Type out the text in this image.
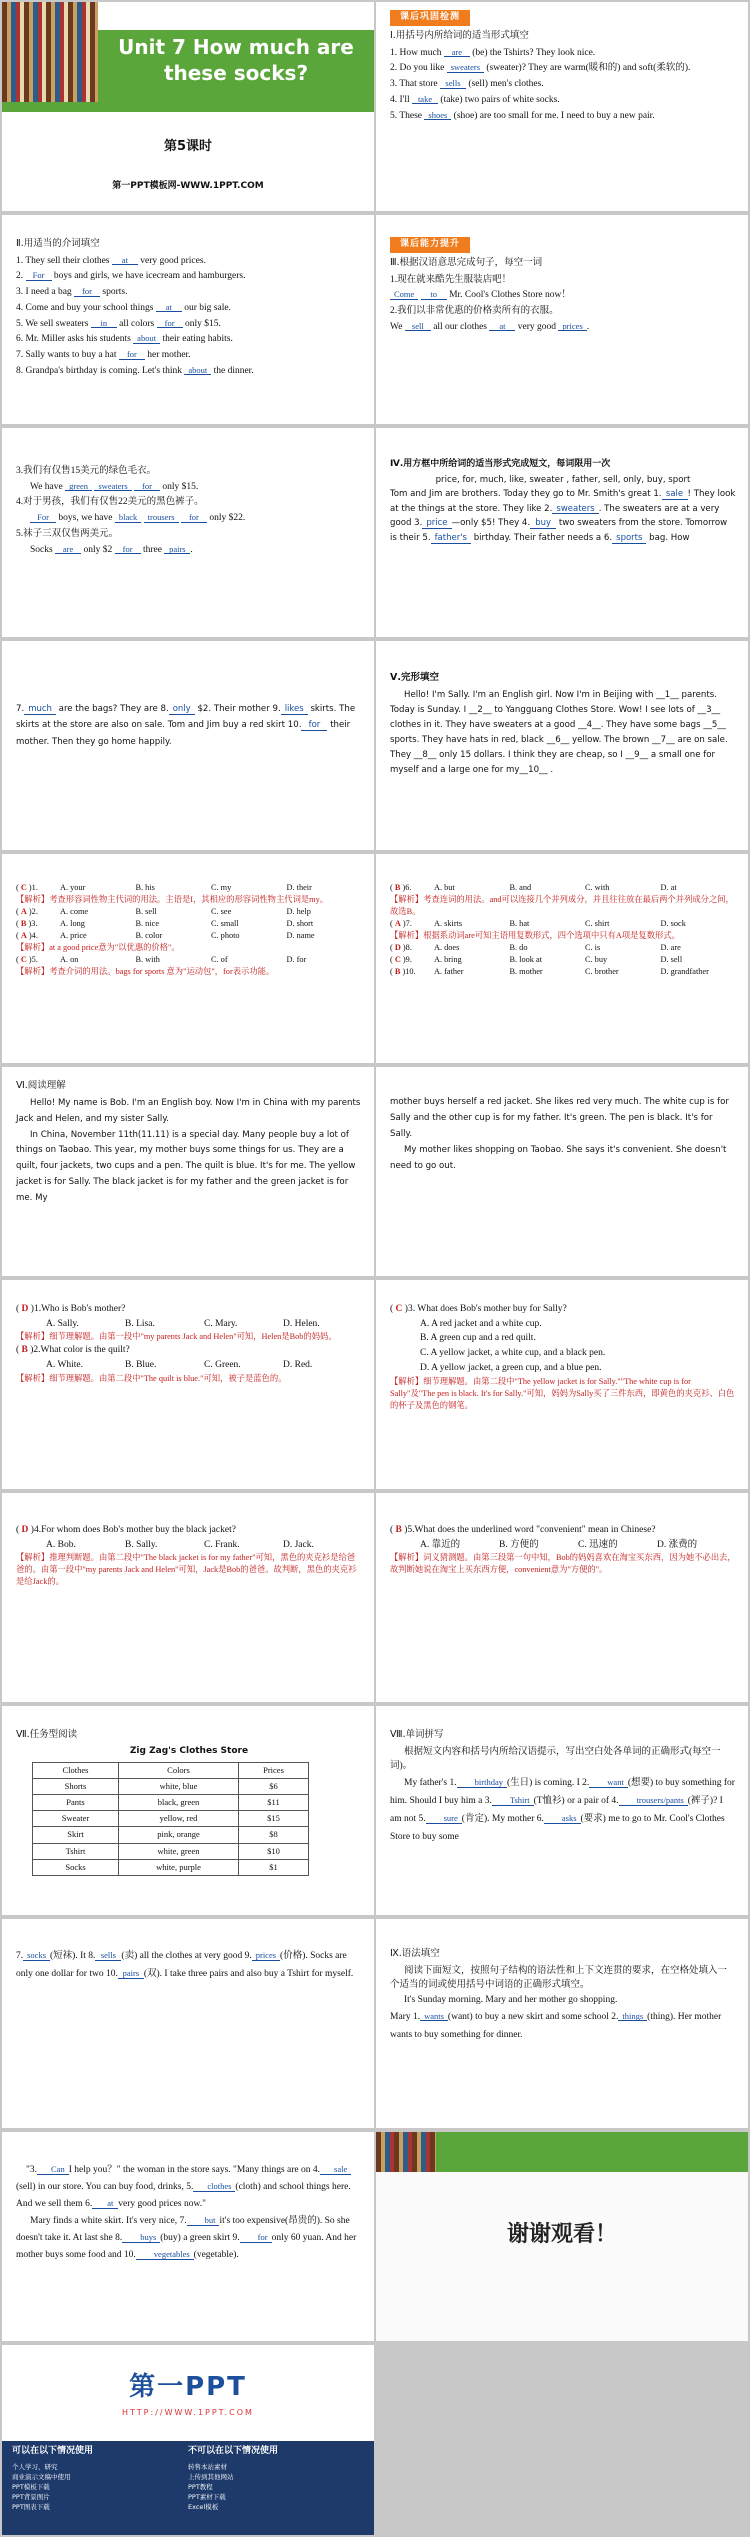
Unit 7 How much are these socks?
第5课时
第一PPT模板网-WWW.1PPT.COM
课后巩固检测
Ⅰ.用括号内所给词的适当形式填空
1. How much are (be) the Tshirts? They look nice.
2. Do you like sweaters (sweater)? They are warm(暖和的) and soft(柔软的).
3. That store sells (sell) men's clothes.
4. I'll take (take) two pairs of white socks.
5. These shoes (shoe) are too small for me. I need to buy a new pair.
Ⅱ.用适当的介词填空
1. They sell their clothes at very good prices.
2. For boys and girls, we have icecream and hamburgers.
3. I need a bag for sports.
4. Come and buy your school things at our big sale.
5. We sell sweaters in all colors for only $15.
6. Mr. Miller asks his students about their eating habits.
7. Sally wants to buy a hat for her mother.
8. Grandpa's birthday is coming. Let's think about the dinner.
课后能力提升
Ⅲ.根据汉语意思完成句子，每空一词
1.现在就来酷先生服装店吧！
Come to Mr. Cool's Clothes Store now！
2.我们以非常优惠的价格卖所有的衣服。
We sell all our clothes at very good prices .
3.我们有仅售15美元的绿色毛衣。
We have green sweaters for only $15.
4.对于男孩，我们有仅售22美元的黑色裤子。
For boys, we have black trousers for only $22.
5.袜子三双仅售两美元。
Socks are only $2 for three pairs .
Ⅳ.用方框中所给词的适当形式完成短文，每词限用一次
price, for, much, like, sweater , father, sell, only, buy, sport
Tom and Jim are brothers. Today they go to Mr. Smith's great 1. sale ! They look at the things at the store. They like 2. sweaters . The sweaters are at a very good 3. price —only $5! They 4. buy two sweaters from the store. Tomorrow is their 5. father's birthday. Their father needs a 6. sports bag. How
7. much are the bags? They are 8. only $2. Their mother 9. likes skirts. The skirts at the store are also on sale. Tom and Jim buy a red skirt 10. for their mother. Then they go home happily.
Ⅴ.完形填空
Hello! I'm Sally. I'm an English girl. Now I'm in Beijing with __1__ parents. Today is Sunday. I __2__ to Yangguang Clothes Store. Wow! I see lots of __3__ clothes in it. They have sweaters at a good __4__. They have some bags __5__ sports. They have hats in red, black __6__ yellow. The brown __7__ are on sale. They __8__ only 15 dollars. I think they are cheap, so I __9__ a small one for myself and a large one for my__10__ .
( C )1.	A. your	B. his	C. my	D. their
【解析】考查形容词性物主代词的用法。主语是I，其相应的形容词性物主代词是my。
( A )2.	A. come	B. sell	C. see	D. help
( B )3.	A. long	B. nice	C. small	D. short
( A )4.	A. price	B. color	C. photo	D. name
【解析】at a good price意为"以优惠的价格"。
( C )5.	A. on	B. with	C. of	D. for
【解析】考查介词的用法。bags for sports 意为"运动包"，for表示功能。
( B )6.	A. but	B. and	C. with	D. at
【解析】考查连词的用法。and可以连接几个并列成分，并且往往放在最后两个并列成分之间，故选B。
( A )7.	A. skirts	B. hat	C. shirt	D. sock
【解析】根据系动词are可知主语用复数形式，四个选项中只有A项是复数形式。
( D )8.	A. does	B. do	C. is	D. are
( C )9.	A. bring	B. look at	C. buy	D. sell
( B )10.	A. father	B. mother	C. brother	D. grandfather
Ⅵ.阅读理解
Hello! My name is Bob. I'm an English boy. Now I'm in China with my parents Jack and Helen, and my sister Sally.
In China, November 11th(11.11) is a special day. Many people buy a lot of things on Taobao. This year, my mother buys some things for us. They are a quilt, four jackets, two cups and a pen. The quilt is blue. It's for me. The yellow jacket is for Sally. The black jacket is for my father and the green jacket is for me. My
mother buys herself a red jacket. She likes red very much. The white cup is for Sally and the other cup is for my father. It's green. The pen is black. It's for Sally.
My mother likes shopping on Taobao. She says it's convenient. She doesn't need to go out.
( D )1.Who is Bob's mother?
A. Sally.	B. Lisa.	C. Mary.	D. Helen.
【解析】细节理解题。由第一段中"my parents Jack and Helen"可知，Helen是Bob的妈妈。
( B )2.What color is the quilt?
A. White.	B. Blue.	C. Green.	D. Red.
【解析】细节理解题。由第二段中"The quilt is blue."可知，被子是蓝色的。
( C )3. What does Bob's mother buy for Sally?
A. A red jacket and a white cup.
B. A green cup and a red quilt.
C. A yellow jacket, a white cup, and a black pen.
D. A yellow jacket, a green cup, and a blue pen.
【解析】细节理解题。由第二段中"The yellow jacket is for Sally.""The white cup is for Sally"及"The pen is black. It's for Sally."可知，妈妈为Sally买了三件东西，即黄色的夹克衫、白色的杯子及黑色的钢笔。
( D )4.For whom does Bob's mother buy the black jacket?
A. Bob.	B. Sally.	C. Frank.	D. Jack.
【解析】推理判断题。由第二段中"The black jacket is for my father"可知，黑色的夹克衫是给爸爸的。由第一段中"my parents Jack and Helen"可知，Jack是Bob的爸爸。故判断，黑色的夹克衫是给Jack的。
( B )5.What does the underlined word "convenient" mean in Chinese?
A. 靠近的	B. 方便的	C. 迅速的	D. 涨费的
【解析】词义猜测题。由第三段第一句中知，Bob的妈妈喜欢在淘宝买东西，因为她不必出去，故判断她说在淘宝上买东西方便，convenient意为"方便的"。
Ⅶ.任务型阅读
Zig Zag's Clothes Store
Clothes	Colors	Prices
Shorts	white, blue	$6
Pants	black, green	$11
Sweater	yellow, red	$15
Skirt	pink, orange	$8
Tshirt	white, green	$10
Socks	white, purple	$1
Ⅷ.单词拼写
根据短文内容和括号内所给汉语提示，写出空白处各单词的正确形式(每空一词)。
My father's 1. birthday (生日) is coming. I 2. want (想要) to buy something for him. Should I buy him a 3. Tshirt (T恤衫) or a pair of 4. trousers/pants (裤子)? I am not 5. sure (肯定). My mother 6. asks (要求) me to go to Mr. Cool's Clothes Store to buy some
7. socks (短袜). It 8. sells (卖) all the clothes at very good 9. prices (价格). Socks are only one dollar for two 10. pairs (双). I take three pairs and also buy a Tshirt for myself.
Ⅸ.语法填空
阅读下面短文，按照句子结构的语法性和上下文连贯的要求，在空格处填入一个适当的词或使用括号中词语的正确形式填空。
It's Sunday morning. Mary and her mother go shopping.
Mary 1. wants (want) to buy a new skirt and some school 2. things (thing). Her mother wants to buy something for dinner.
"3. Can I help you？" the woman in the store says. "Many things are on 4. sale(sell) in our store. You can buy food, drinks, 5. clothes (cloth) and school things here. And we sell them 6. at very good prices now."
Mary finds a white skirt. It's very nice, 7. but it's too expensive(昂贵的). So she doesn't take it. At last she 8. buys (buy) a green skirt 9. for only 60 yuan. And her mother buys some food and 10. vegetables (vegetable).
谢谢观看！
第一PPT
HTTP://WWW.1PPT.COM
可以在以下情况使用
个人学习、研究
商业演示文稿中使用
PPT模板下载
PPT背景图片
PPT图表下载
不可以在以下情况使用
转售本站素材
上传到其他网站
PPT教程
PPT素材下载
Excel模板
